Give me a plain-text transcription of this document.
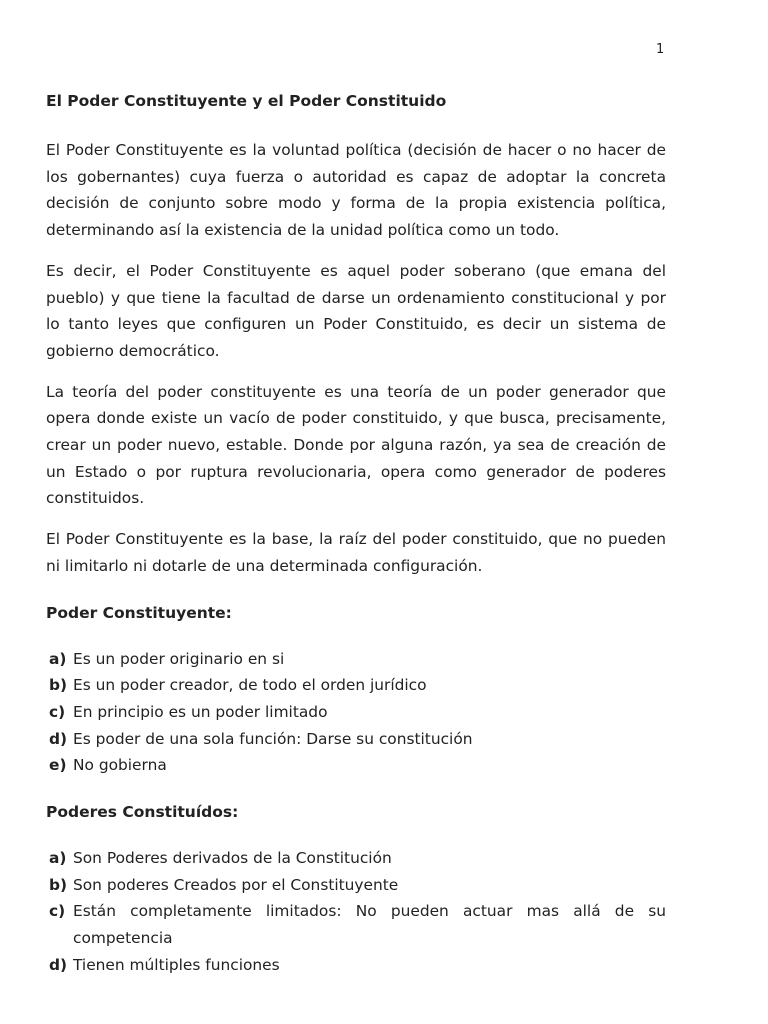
1
El Poder Constituyente y el Poder Constituido

El Poder Constituyente es la voluntad política (decisión de hacer o no hacer de los gobernantes) cuya fuerza o autoridad es capaz de adoptar la concreta decisión de conjunto sobre modo y forma de la propia existencia política, determinando así la existencia de la unidad política como un todo.

Es decir, el Poder Constituyente es aquel poder soberano (que emana del pueblo) y que tiene la facultad de darse un ordenamiento constitucional y por lo tanto leyes que configuren un Poder Constituido, es decir un sistema de gobierno democrático.

La teoría del poder constituyente es una teoría de un poder generador que opera donde existe un vacío de poder constituido, y que busca, precisamente, crear un poder nuevo, estable. Donde por alguna razón, ya sea de creación de un Estado o por ruptura revolucionaria, opera como generador de poderes constituidos.

El Poder Constituyente es la base, la raíz del poder constituido, que no pueden ni limitarlo ni dotarle de una determinada configuración.

Poder Constituyente:
a) Es un poder originario en si
b) Es un poder creador, de todo el orden jurídico
c) En principio es un poder limitado
d) Es poder de una sola función: Darse su constitución
e) No gobierna
Poderes Constituídos:
a) Son Poderes derivados de la Constitución
b) Son poderes Creados por el Constituyente
c) Están completamente limitados: No pueden actuar mas allá de su competencia
d) Tienen múltiples funciones
